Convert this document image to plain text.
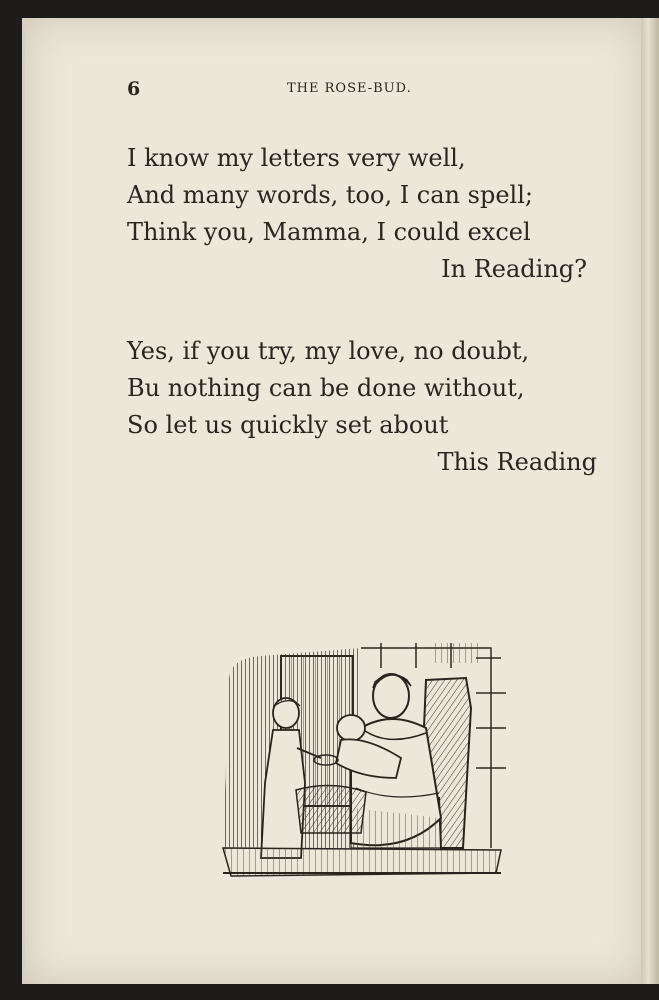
6	THE ROSE-BUD.
I know my letters very well,
And many words, too, I can spell;
Think you, Mamma, I could excel
In Reading?
Yes, if you try, my love, no doubt,
Bu nothing can be done without,
So let us quickly set about
This Reading
